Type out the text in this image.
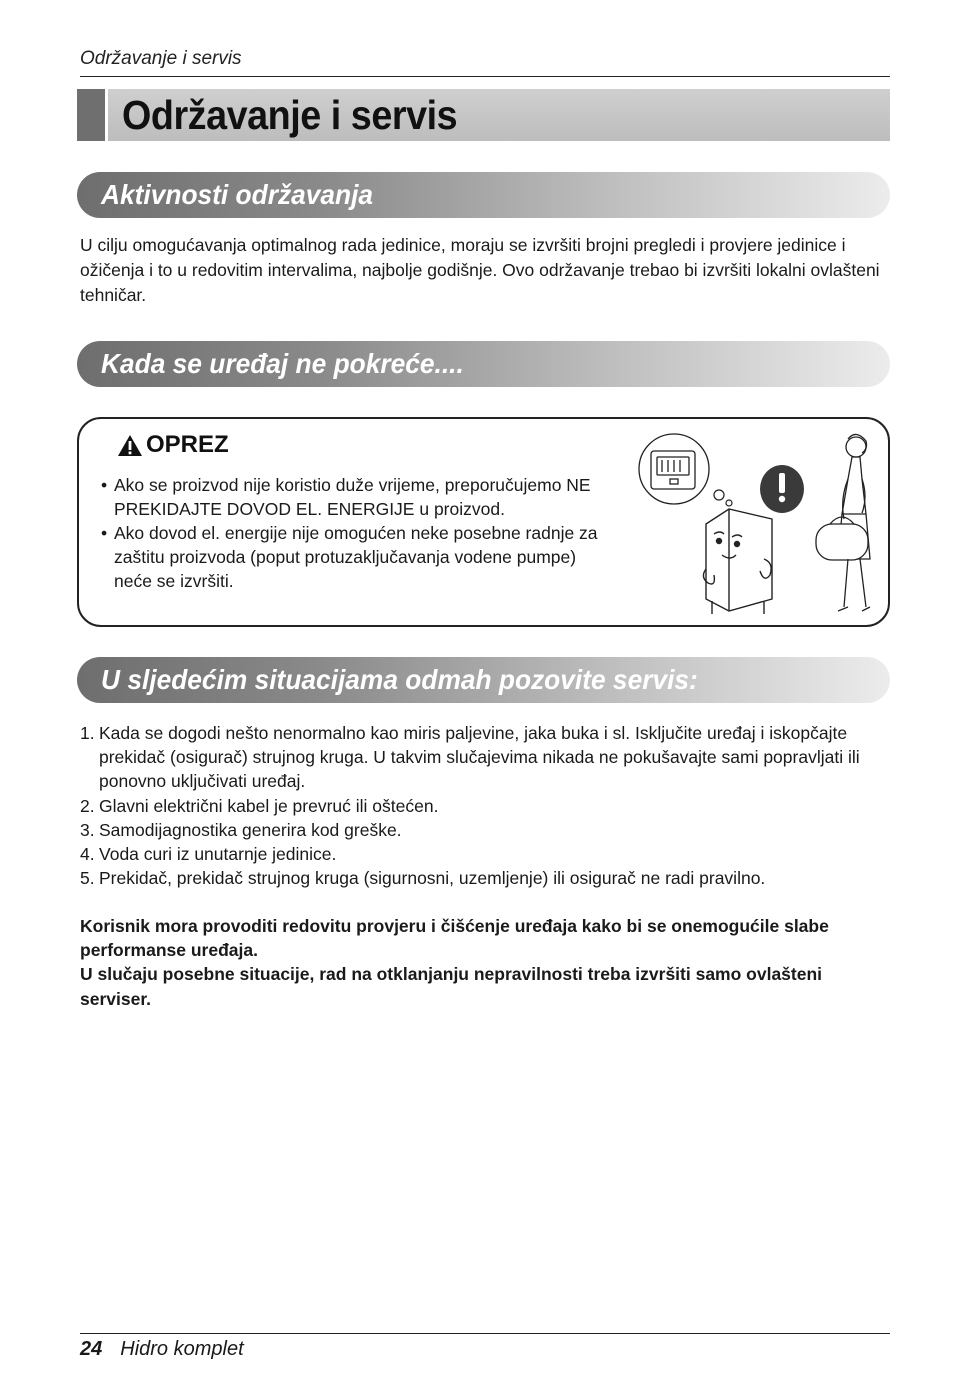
Održavanje i servis
Održavanje i servis
Aktivnosti održavanja

U cilju omogućavanja optimalnog rada jedinice, moraju se izvršiti brojni pregledi i provjere jedinice i ožičenja i to u redovitim intervalima, najbolje godišnje. Ovo održavanje trebao bi izvršiti lokalni ovlašteni tehničar.

Kada se uređaj ne pokreće....
OPREZ
• Ako se proizvod nije koristio duže vrijeme, preporučujemo NE PREKIDAJTE DOVOD EL. ENERGIJE u proizvod.
• Ako dovod el. energije nije omogućen neke posebne radnje za zaštitu proizvoda (poput protuzaključavanja vodene pumpe) neće se izvršiti.
U sljedećim situacijama odmah pozovite servis:
1. Kada se dogodi nešto nenormalno kao miris paljevine, jaka buka i sl. Isključite uređaj i iskopčajte prekidač (osigurač) strujnog kruga. U takvim slučajevima nikada ne pokušavajte sami popravljati ili ponovno uključivati uređaj.
2. Glavni električni kabel je prevruć ili oštećen.
3. Samodijagnostika generira kod greške.
4. Voda curi iz unutarnje jedinice.
5. Prekidač, prekidač strujnog kruga (sigurnosni, uzemljenje) ili osigurač ne radi pravilno.

Korisnik mora provoditi redovitu provjeru i čišćenje uređaja kako bi se onemogućile slabe performanse uređaja.

U slučaju posebne situacije, rad na otklanjanju nepravilnosti treba izvršiti samo ovlašteni serviser.

24 Hidro komplet
